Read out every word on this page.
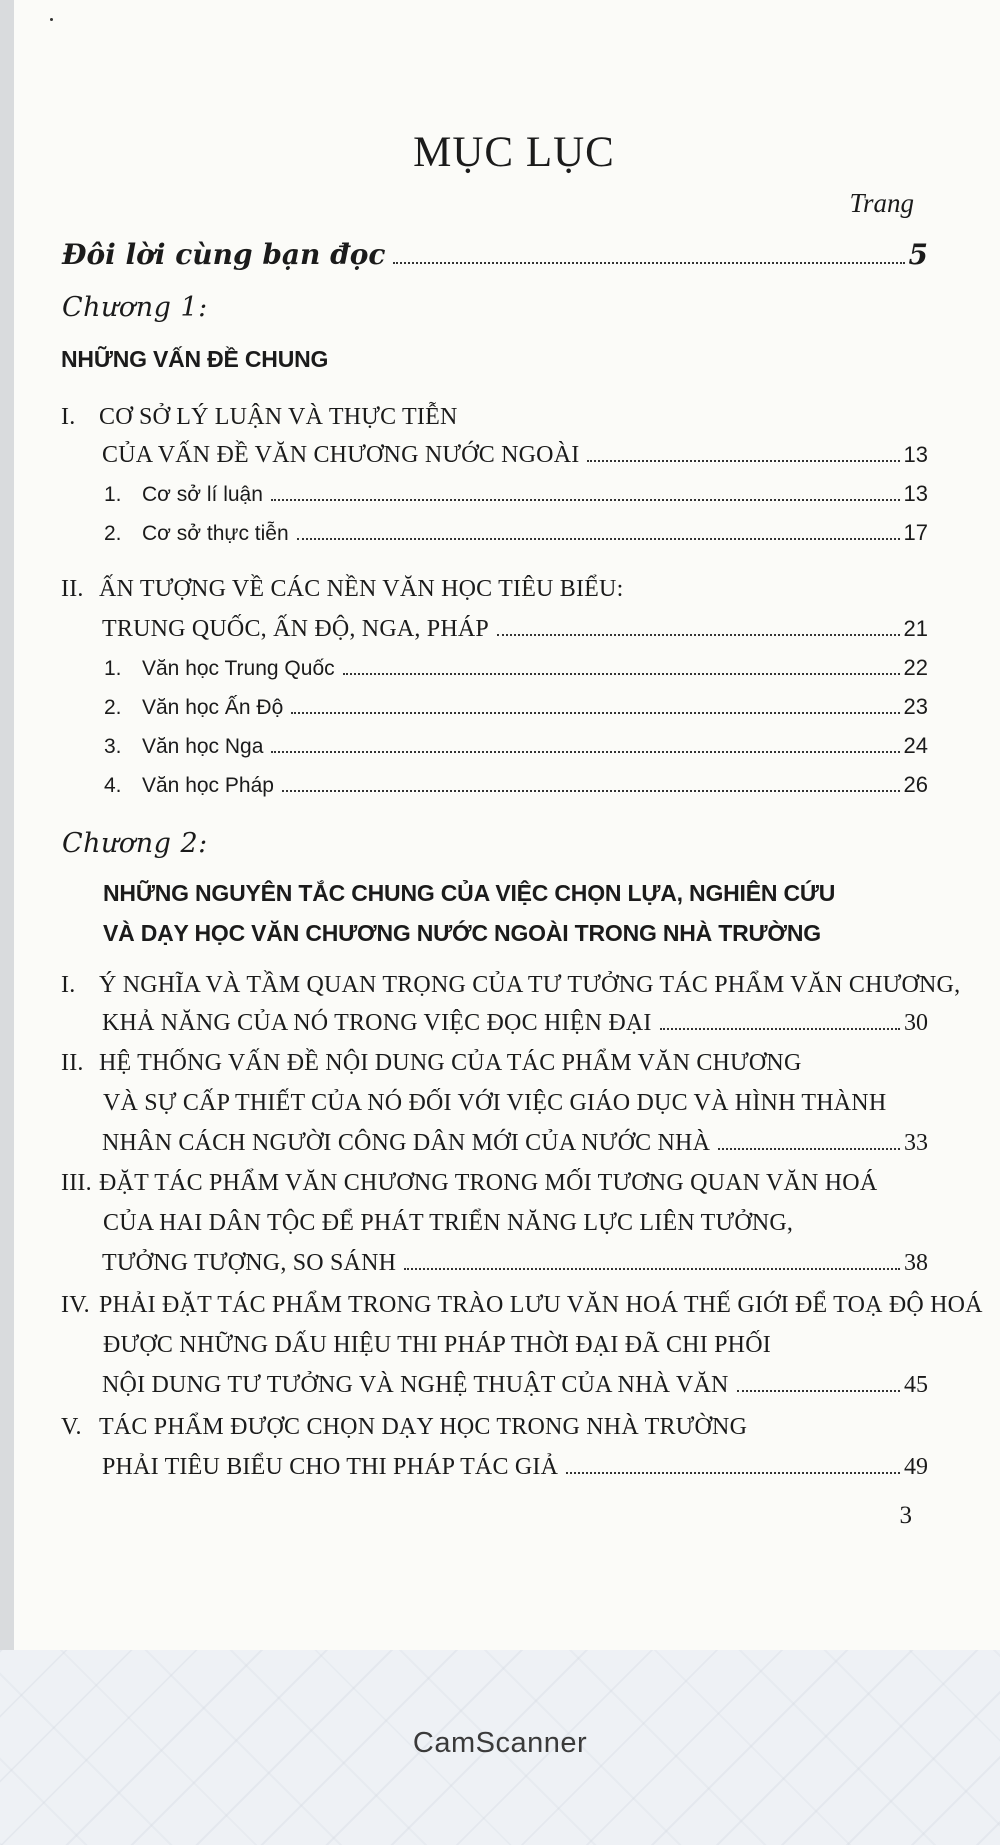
MỤC LỤC
Trang
Đôi lời cùng bạn đọc	5
Chương 1:
NHỮNG VẤN ĐỀ CHUNG
I. CƠ SỞ LÝ LUẬN VÀ THỰC TIỄN
CỦA VẤN ĐỀ VĂN CHƯƠNG NƯỚC NGOÀI	13
1. Cơ sở lí luận	13
2. Cơ sở thực tiễn	17
II. ẤN TƯỢNG VỀ CÁC NỀN VĂN HỌC TIÊU BIỂU:
TRUNG QUỐC, ẤN ĐỘ, NGA, PHÁP	21
1. Văn học Trung Quốc	22
2. Văn học Ấn Độ	23
3. Văn học Nga	24
4. Văn học Pháp	26
Chương 2:
NHỮNG NGUYÊN TẮC CHUNG CỦA VIỆC CHỌN LỰA, NGHIÊN CỨU
VÀ DẠY HỌC VĂN CHƯƠNG NƯỚC NGOÀI TRONG NHÀ TRƯỜNG
I. Ý NGHĨA VÀ TẦM QUAN TRỌNG CỦA TƯ TƯỞNG TÁC PHẨM VĂN CHƯƠNG,
KHẢ NĂNG CỦA NÓ TRONG VIỆC ĐỌC HIỆN ĐẠI	30
II. HỆ THỐNG VẤN ĐỀ NỘI DUNG CỦA TÁC PHẨM VĂN CHƯƠNG
VÀ SỰ CẤP THIẾT CỦA NÓ ĐỐI VỚI VIỆC GIÁO DỤC VÀ HÌNH THÀNH
NHÂN CÁCH NGƯỜI CÔNG DÂN MỚI CỦA NƯỚC NHÀ	33
III. ĐẶT TÁC PHẨM VĂN CHƯƠNG TRONG MỐI TƯƠNG QUAN VĂN HOÁ
CỦA HAI DÂN TỘC ĐỂ PHÁT TRIỂN NĂNG LỰC LIÊN TƯỞNG,
TƯỞNG TƯỢNG, SO SÁNH	38
IV. PHẢI ĐẶT TÁC PHẨM TRONG TRÀO LƯU VĂN HOÁ THẾ GIỚI ĐỂ TOẠ ĐỘ HOÁ
ĐƯỢC NHỮNG DẤU HIỆU THI PHÁP THỜI ĐẠI ĐÃ CHI PHỐI
NỘI DUNG TƯ TƯỞNG VÀ NGHỆ THUẬT CỦA NHÀ VĂN	45
V. TÁC PHẨM ĐƯỢC CHỌN DẠY HỌC TRONG NHÀ TRƯỜNG
PHẢI TIÊU BIỂU CHO THI PHÁP TÁC GIẢ	49
3
CamScanner
